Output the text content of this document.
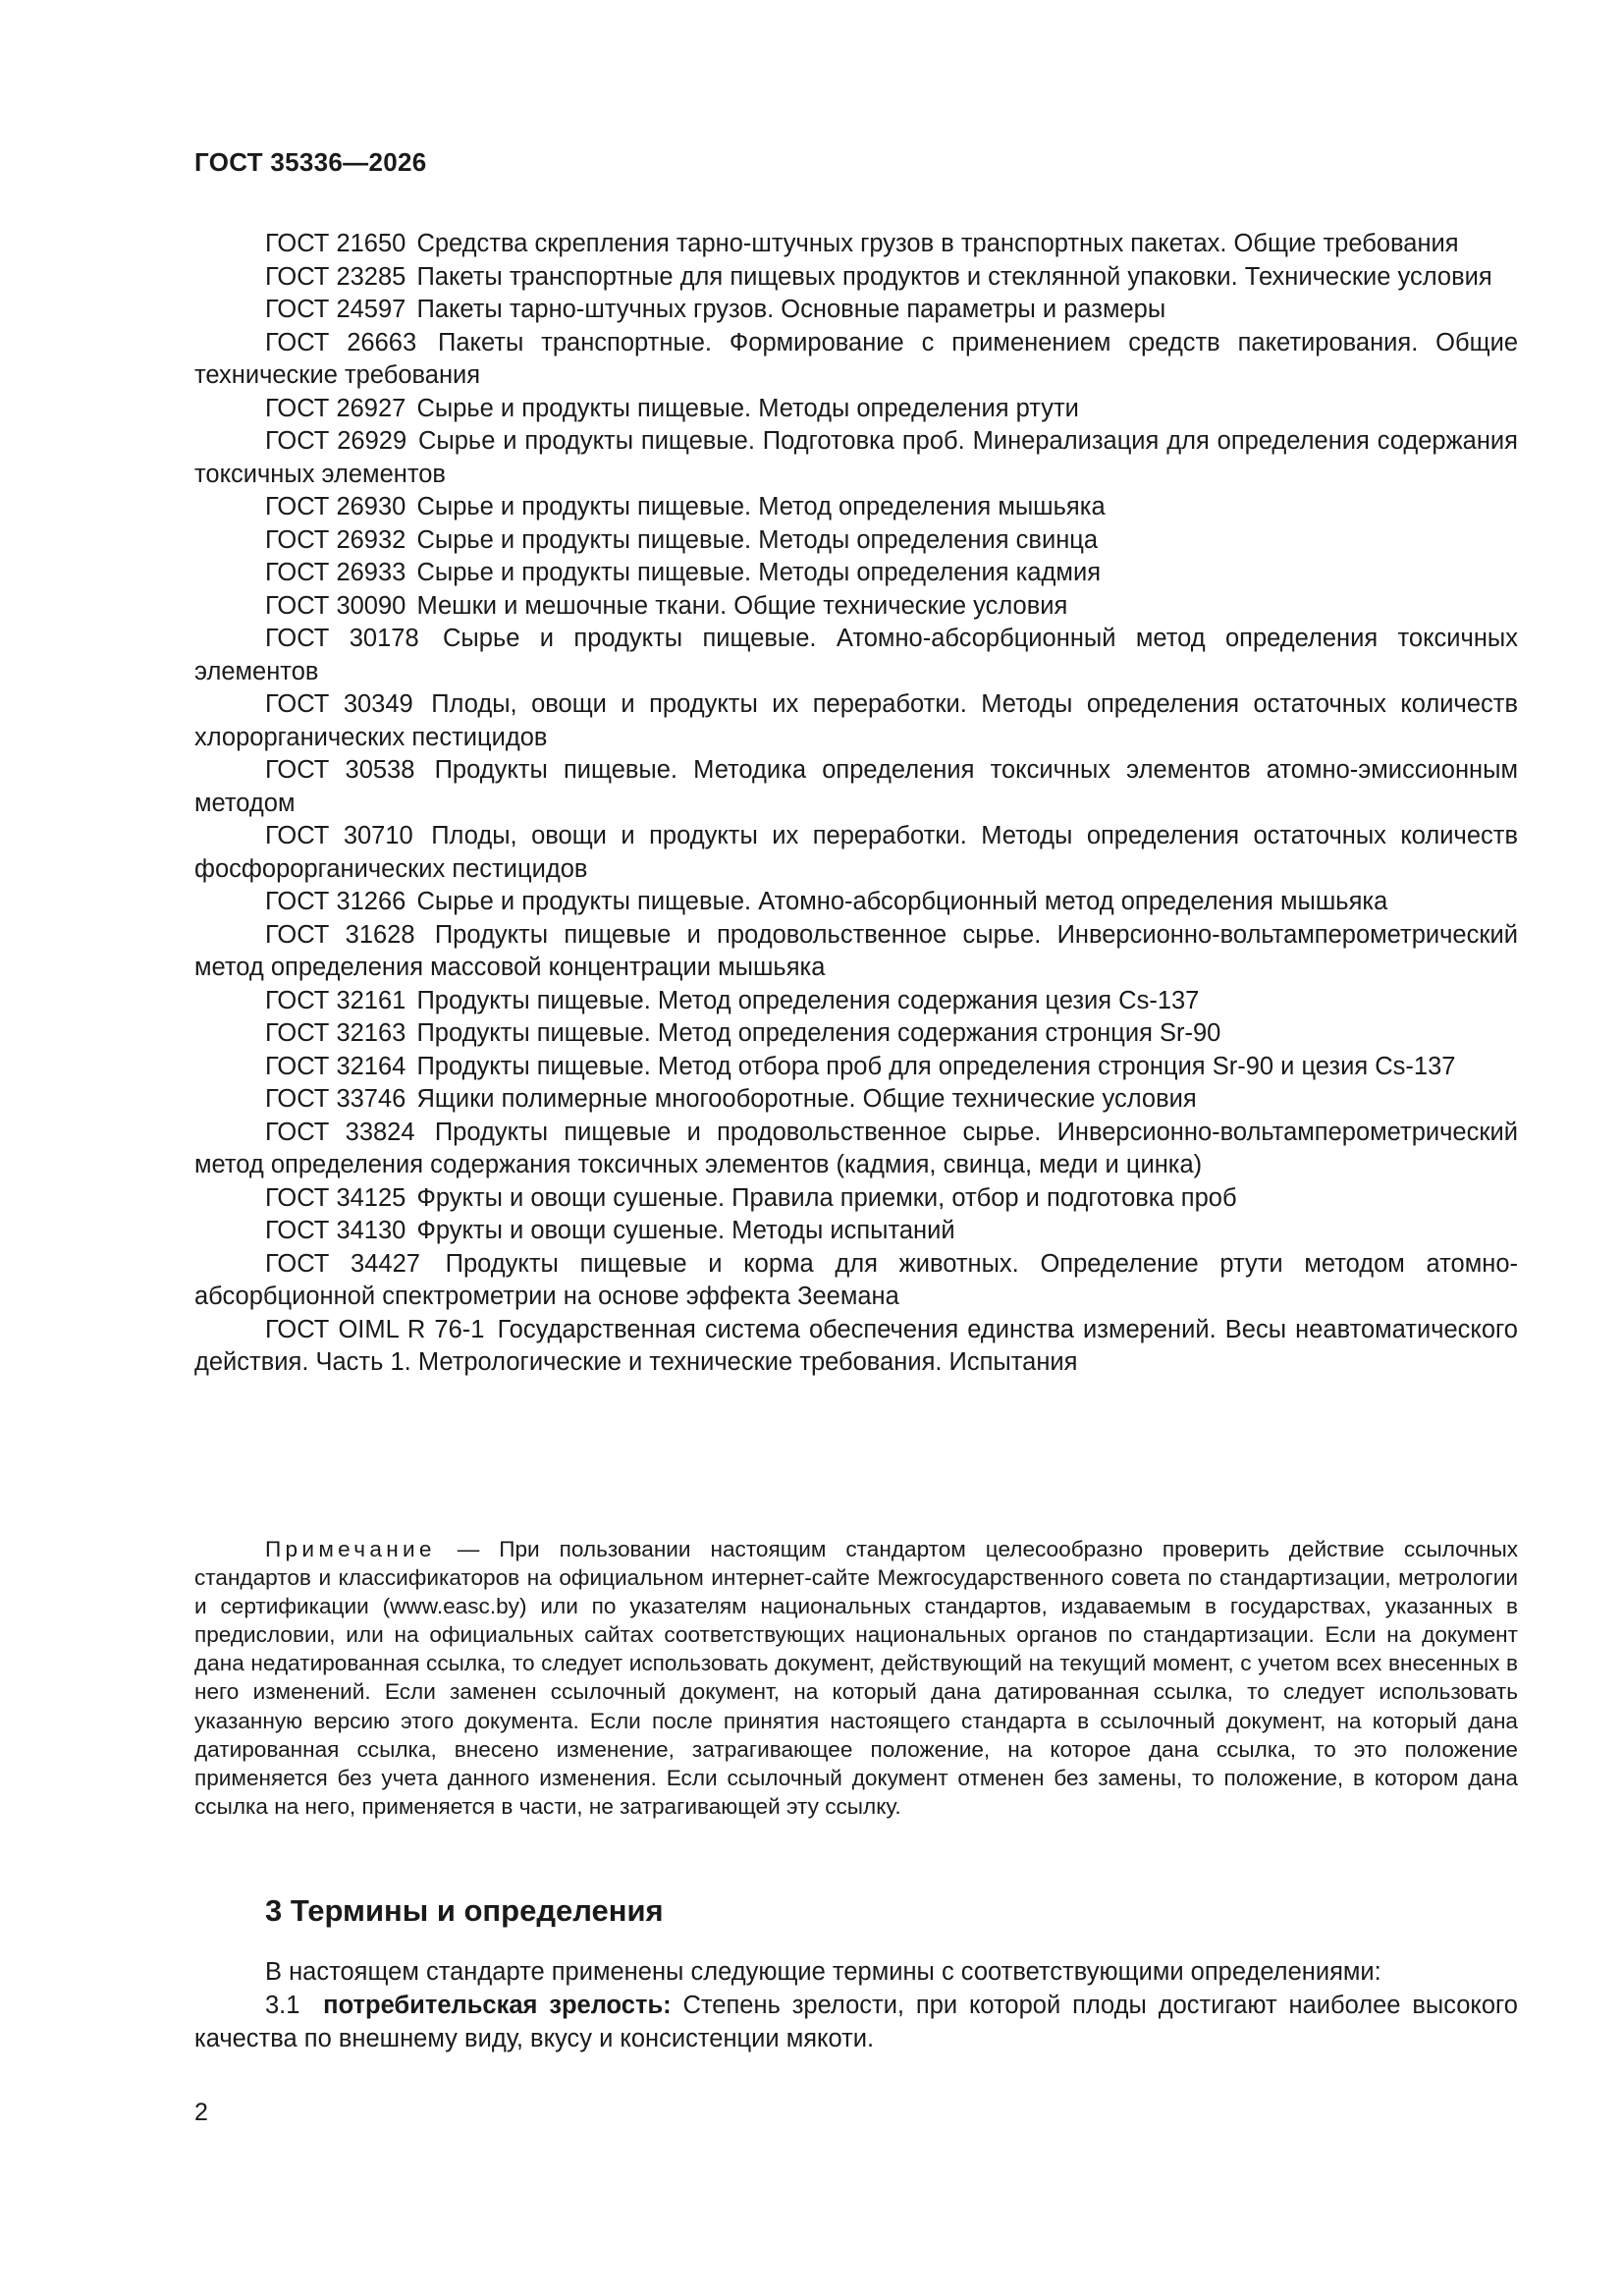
ГОСТ 35336—2026

ГОСТ 21650 Средства скрепления тарно-штучных грузов в транспортных пакетах. Общие требования

ГОСТ 23285 Пакеты транспортные для пищевых продуктов и стеклянной упаковки. Технические условия

ГОСТ 24597 Пакеты тарно-штучных грузов. Основные параметры и размеры

ГОСТ 26663 Пакеты транспортные. Формирование с применением средств пакетирования. Общие технические требования

ГОСТ 26927 Сырье и продукты пищевые. Методы определения ртути

ГОСТ 26929 Сырье и продукты пищевые. Подготовка проб. Минерализация для определения содержания токсичных элементов

ГОСТ 26930 Сырье и продукты пищевые. Метод определения мышьяка

ГОСТ 26932 Сырье и продукты пищевые. Методы определения свинца

ГОСТ 26933 Сырье и продукты пищевые. Методы определения кадмия

ГОСТ 30090 Мешки и мешочные ткани. Общие технические условия

ГОСТ 30178 Сырье и продукты пищевые. Атомно-абсорбционный метод определения токсичных элементов

ГОСТ 30349 Плоды, овощи и продукты их переработки. Методы определения остаточных количеств хлорорганических пестицидов

ГОСТ 30538 Продукты пищевые. Методика определения токсичных элементов атомно-эмиссионным методом

ГОСТ 30710 Плоды, овощи и продукты их переработки. Методы определения остаточных количеств фосфорорганических пестицидов

ГОСТ 31266 Сырье и продукты пищевые. Атомно-абсорбционный метод определения мышьяка

ГОСТ 31628 Продукты пищевые и продовольственное сырье. Инверсионно-вольтамперометрический метод определения массовой концентрации мышьяка

ГОСТ 32161 Продукты пищевые. Метод определения содержания цезия Cs-137

ГОСТ 32163 Продукты пищевые. Метод определения содержания стронция Sr-90

ГОСТ 32164 Продукты пищевые. Метод отбора проб для определения стронция Sr-90 и цезия Cs-137

ГОСТ 33746 Ящики полимерные многооборотные. Общие технические условия

ГОСТ 33824 Продукты пищевые и продовольственное сырье. Инверсионно-вольтамперометрический метод определения содержания токсичных элементов (кадмия, свинца, меди и цинка)

ГОСТ 34125 Фрукты и овощи сушеные. Правила приемки, отбор и подготовка проб

ГОСТ 34130 Фрукты и овощи сушеные. Методы испытаний

ГОСТ 34427 Продукты пищевые и корма для животных. Определение ртути методом атомно-абсорбционной спектрометрии на основе эффекта Зеемана

ГОСТ OIML R 76-1 Государственная система обеспечения единства измерений. Весы неавтоматического действия. Часть 1. Метрологические и технические требования. Испытания

Примечание — При пользовании настоящим стандартом целесообразно проверить действие ссылочных стандартов и классификаторов на официальном интернет-сайте Межгосударственного совета по стандартизации, метрологии и сертификации (www.easc.by) или по указателям национальных стандартов, издаваемым в государствах, указанных в предисловии, или на официальных сайтах соответствующих национальных органов по стандартизации. Если на документ дана недатированная ссылка, то следует использовать документ, действующий на текущий момент, с учетом всех внесенных в него изменений. Если заменен ссылочный документ, на который дана датированная ссылка, то следует использовать указанную версию этого документа. Если после принятия настоящего стандарта в ссылочный документ, на который дана датированная ссылка, внесено изменение, затрагивающее положение, на которое дана ссылка, то это положение применяется без учета данного изменения. Если ссылочный документ отменен без замены, то положение, в котором дана ссылка на него, применяется в части, не затрагивающей эту ссылку.

3 Термины и определения

В настоящем стандарте применены следующие термины с соответствующими определениями:

3.1 потребительская зрелость: Степень зрелости, при которой плоды достигают наиболее высокого качества по внешнему виду, вкусу и консистенции мякоти.

2
